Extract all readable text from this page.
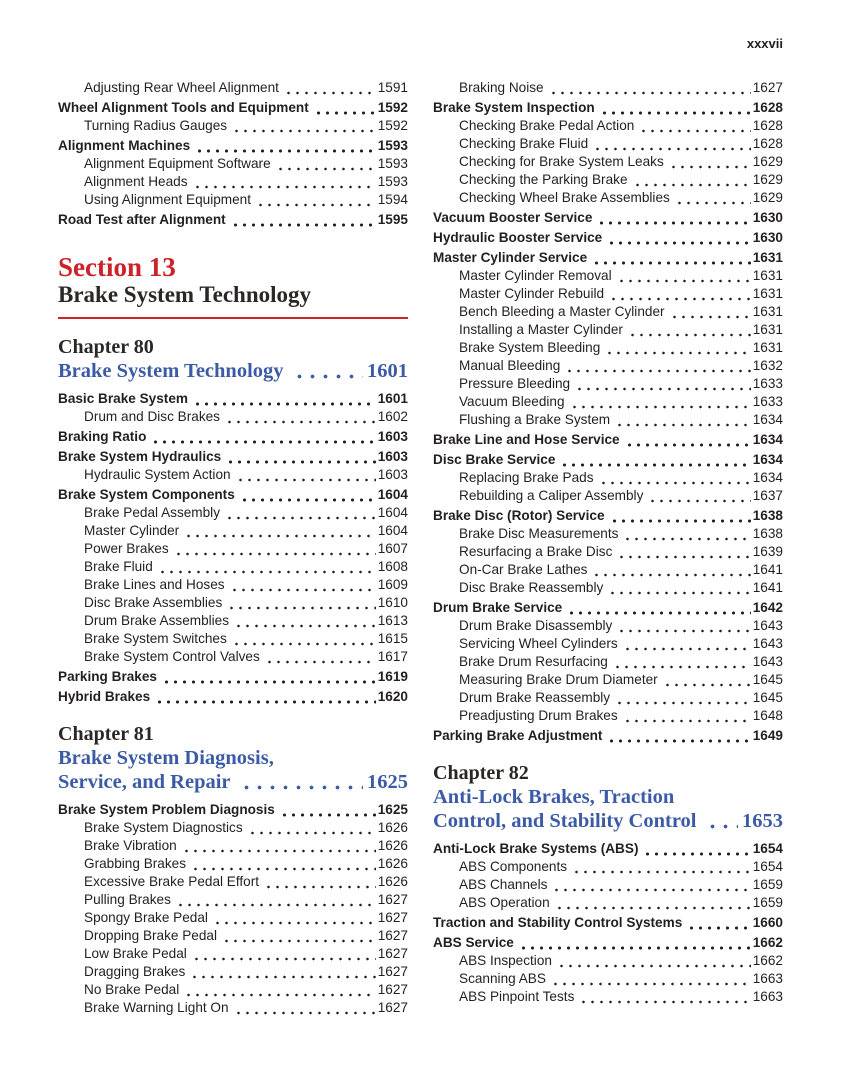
xxxvii
Adjusting Rear Wheel Alignment	1591
Wheel Alignment Tools and Equipment	1592
Turning Radius Gauges	1592
Alignment Machines	1593
Alignment Equipment Software	1593
Alignment Heads	1593
Using Alignment Equipment	1594
Road Test after Alignment	1595
Section 13
Brake System Technology
Chapter 80
Brake System Technology	1601
Basic Brake System	1601
Drum and Disc Brakes	1602
Braking Ratio	1603
Brake System Hydraulics	1603
Hydraulic System Action	1603
Brake System Components	1604
Brake Pedal Assembly	1604
Master Cylinder	1604
Power Brakes	1607
Brake Fluid	1608
Brake Lines and Hoses	1609
Disc Brake Assemblies	1610
Drum Brake Assemblies	1613
Brake System Switches	1615
Brake System Control Valves	1617
Parking Brakes	1619
Hybrid Brakes	1620
Chapter 81
Brake System Diagnosis,
Service, and Repair	1625
Brake System Problem Diagnosis	1625
Brake System Diagnostics	1626
Brake Vibration	1626
Grabbing Brakes	1626
Excessive Brake Pedal Effort	1626
Pulling Brakes	1627
Spongy Brake Pedal	1627
Dropping Brake Pedal	1627
Low Brake Pedal	1627
Dragging Brakes	1627
No Brake Pedal	1627
Brake Warning Light On	1627
Braking Noise	1627
Brake System Inspection	1628
Checking Brake Pedal Action	1628
Checking Brake Fluid	1628
Checking for Brake System Leaks	1629
Checking the Parking Brake	1629
Checking Wheel Brake Assemblies	1629
Vacuum Booster Service	1630
Hydraulic Booster Service	1630
Master Cylinder Service	1631
Master Cylinder Removal	1631
Master Cylinder Rebuild	1631
Bench Bleeding a Master Cylinder	1631
Installing a Master Cylinder	1631
Brake System Bleeding	1631
Manual Bleeding	1632
Pressure Bleeding	1633
Vacuum Bleeding	1633
Flushing a Brake System	1634
Brake Line and Hose Service	1634
Disc Brake Service	1634
Replacing Brake Pads	1634
Rebuilding a Caliper Assembly	1637
Brake Disc (Rotor) Service	1638
Brake Disc Measurements	1638
Resurfacing a Brake Disc	1639
On-Car Brake Lathes	1641
Disc Brake Reassembly	1641
Drum Brake Service	1642
Drum Brake Disassembly	1643
Servicing Wheel Cylinders	1643
Brake Drum Resurfacing	1643
Measuring Brake Drum Diameter	1645
Drum Brake Reassembly	1645
Preadjusting Drum Brakes	1648
Parking Brake Adjustment	1649
Chapter 82
Anti-Lock Brakes, Traction
Control, and Stability Control 1653
Anti-Lock Brake Systems (ABS)	1654
ABS Components	1654
ABS Channels	1659
ABS Operation	1659
Traction and Stability Control Systems	1660
ABS Service	1662
ABS Inspection	1662
Scanning ABS	1663
ABS Pinpoint Tests	1663
